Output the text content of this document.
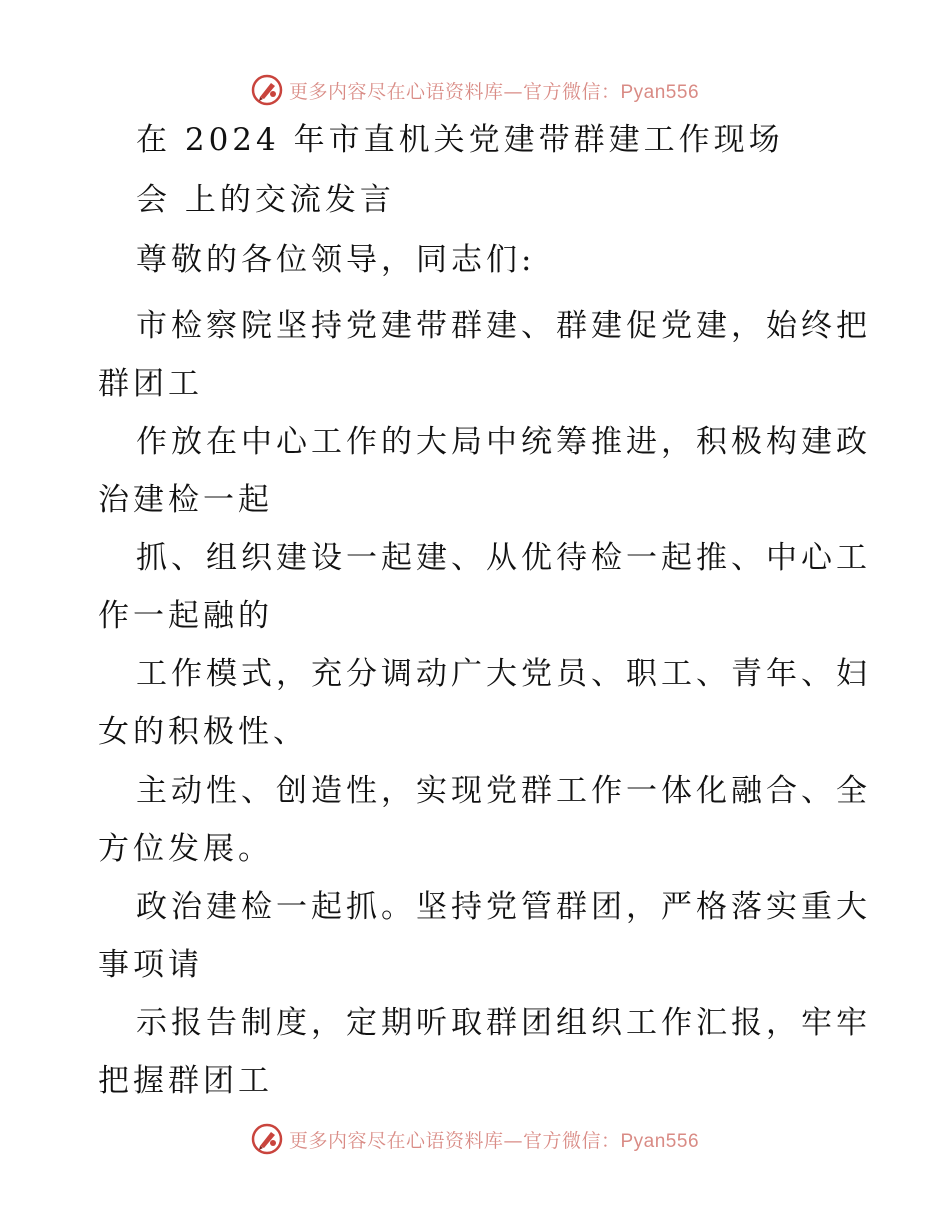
更多内容尽在心语资料库—官方微信：Pyan556
在 2024 年市直机关党建带群建工作现场
会 上的交流发言
尊敬的各位领导，同志们:
市检察院坚持党建带群建、群建促党建，始终把
群团工
作放在中心工作的大局中统筹推进，积极构建政
治建检一起
抓、组织建设一起建、从优待检一起推、中心工
作一起融的
工作模式，充分调动广大党员、职工、青年、妇
女的积极性、
主动性、创造性，实现党群工作一体化融合、全
方位发展。
政治建检一起抓。坚持党管群团，严格落实重大
事项请
示报告制度，定期听取群团组织工作汇报，牢牢
把握群团工
更多内容尽在心语资料库—官方微信：Pyan556
